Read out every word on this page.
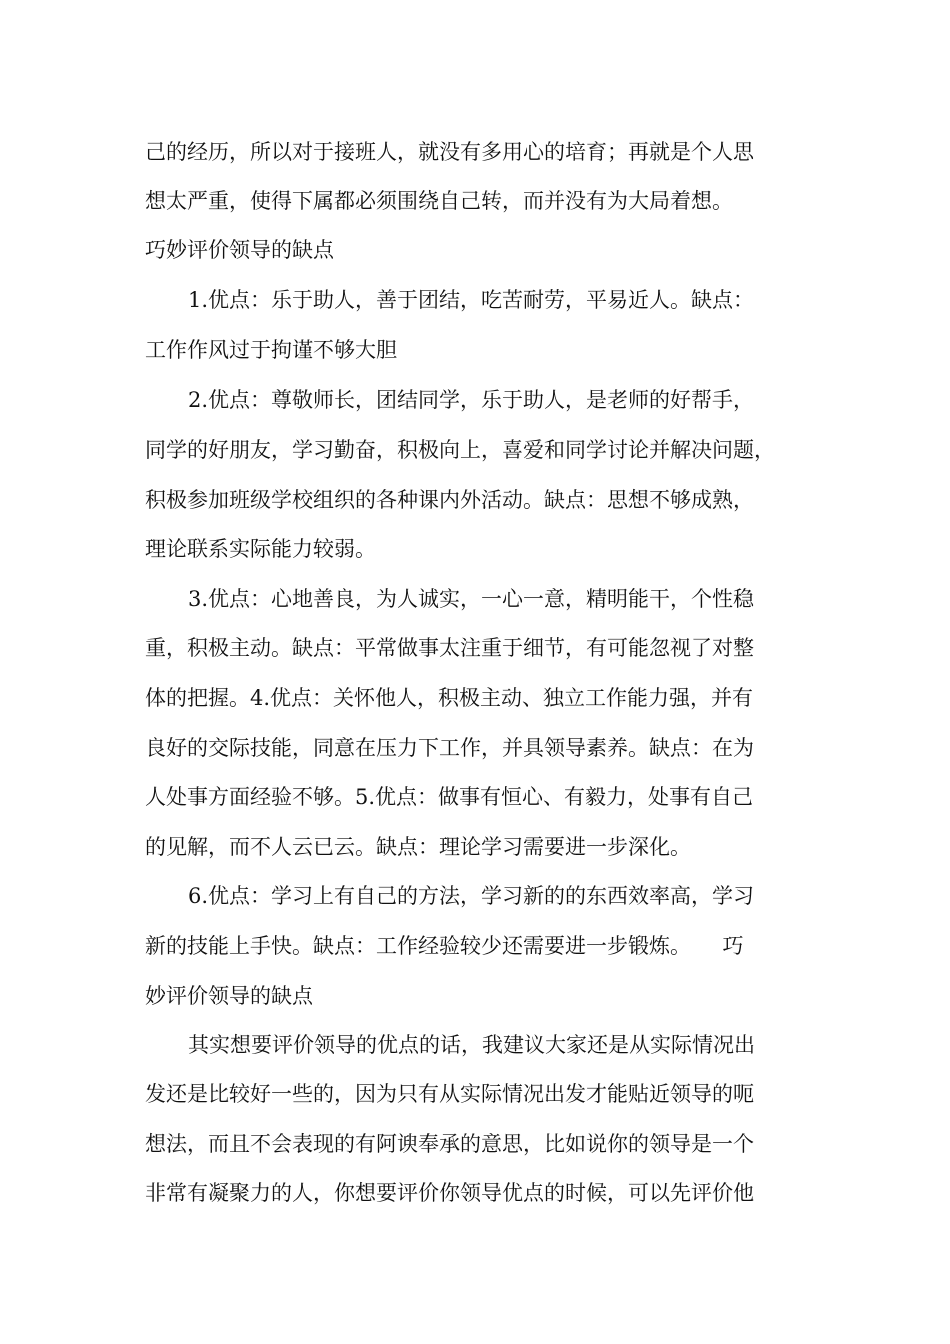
己的经历，所以对于接班人，就没有多用心的培育；再就是个人思
想太严重，使得下属都必须围绕自己转，而并没有为大局着想。
巧妙评价领导的缺点
1.优点：乐于助人，善于团结，吃苦耐劳，平易近人。缺点：
工作作风过于拘谨不够大胆
2.优点：尊敬师长，团结同学，乐于助人，是老师的好帮手，
同学的好朋友，学习勤奋，积极向上，喜爱和同学讨论并解决问题，
积极参加班级学校组织的各种课内外活动。缺点：思想不够成熟，
理论联系实际能力较弱。
3.优点：心地善良，为人诚实，一心一意，精明能干，个性稳
重，积极主动。缺点：平常做事太注重于细节，有可能忽视了对整
体的把握。4.优点：关怀他人，积极主动、独立工作能力强，并有
良好的交际技能，同意在压力下工作，并具领导素养。缺点：在为
人处事方面经验不够。5.优点：做事有恒心、有毅力，处事有自己
的见解，而不人云已云。缺点：理论学习需要进一步深化。
6.优点：学习上有自己的方法，学习新的的东西效率高，学习
新的技能上手快。缺点：工作经验较少还需要进一步锻炼。　　巧
妙评价领导的缺点
其实想要评价领导的优点的话，我建议大家还是从实际情况出
发还是比较好一些的，因为只有从实际情况出发才能贴近领导的呃
想法，而且不会表现的有阿谀奉承的意思，比如说你的领导是一个
非常有凝聚力的人，你想要评价你领导优点的时候，可以先评价他
